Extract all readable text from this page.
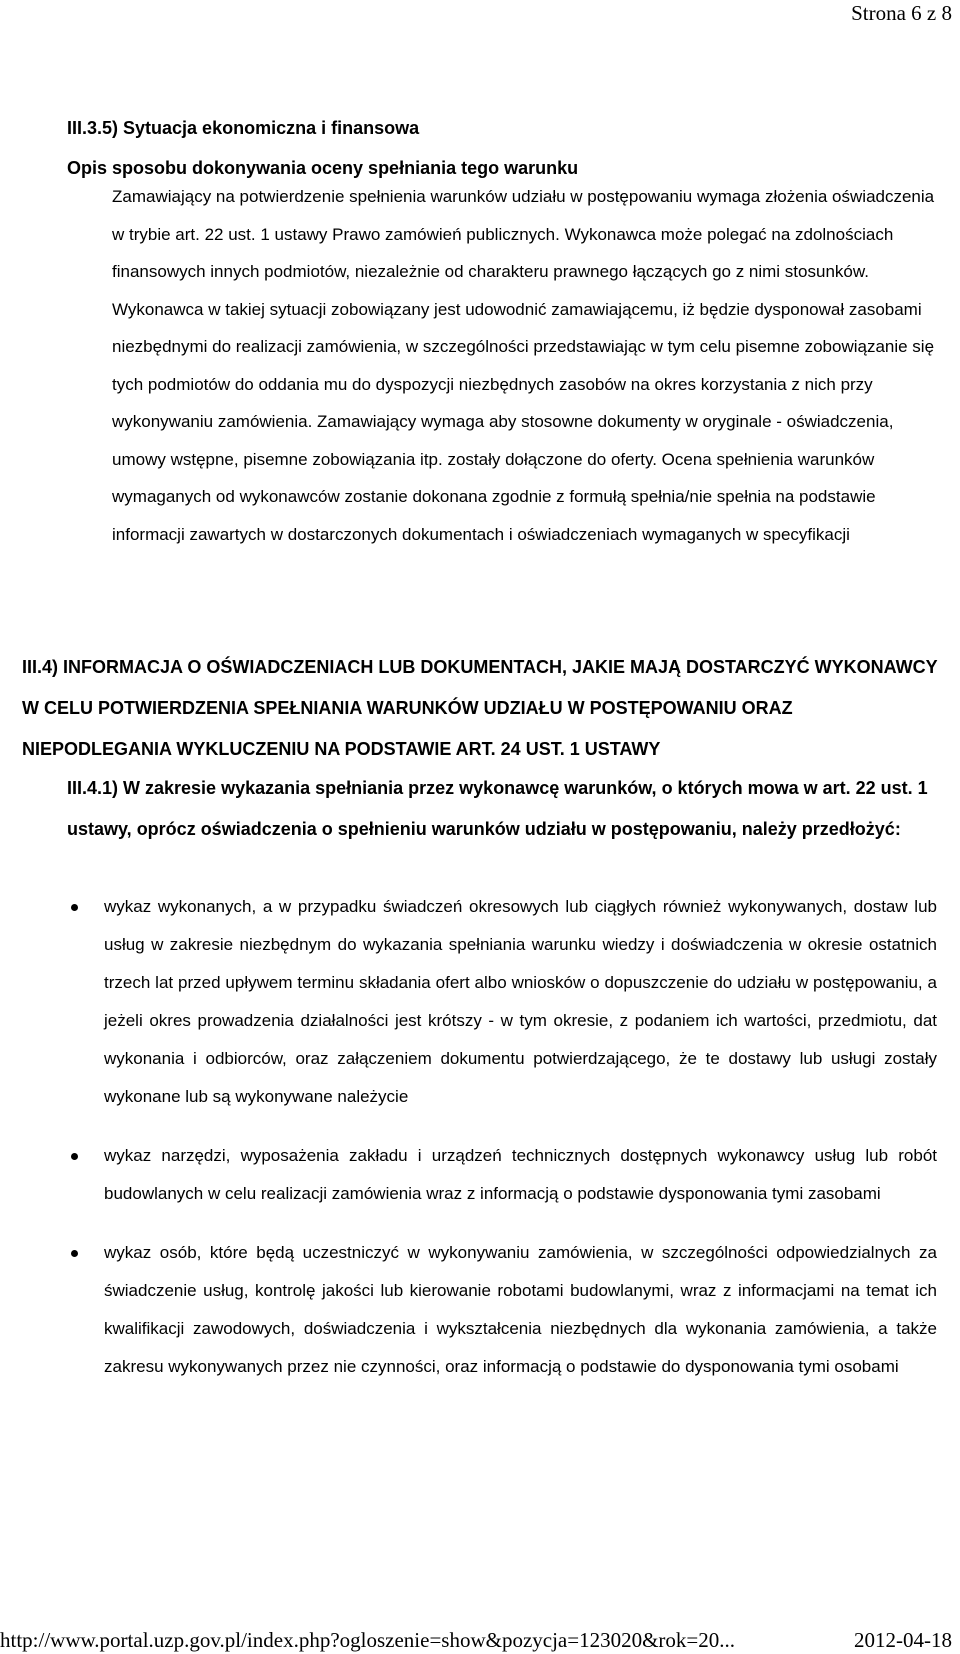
Strona 6 z 8
III.3.5) Sytuacja ekonomiczna i finansowa
Opis sposobu dokonywania oceny spełniania tego warunku
Zamawiający na potwierdzenie spełnienia warunków udziału w postępowaniu wymaga złożenia oświadczenia w trybie art. 22 ust. 1 ustawy Prawo zamówień publicznych. Wykonawca może polegać na zdolnościach finansowych innych podmiotów, niezależnie od charakteru prawnego łączących go z nimi stosunków. Wykonawca w takiej sytuacji zobowiązany jest udowodnić zamawiającemu, iż będzie dysponował zasobami niezbędnymi do realizacji zamówienia, w szczególności przedstawiając w tym celu pisemne zobowiązanie się tych podmiotów do oddania mu do dyspozycji niezbędnych zasobów na okres korzystania z nich przy wykonywaniu zamówienia. Zamawiający wymaga aby stosowne dokumenty w oryginale - oświadczenia, umowy wstępne, pisemne zobowiązania itp. zostały dołączone do oferty. Ocena spełnienia warunków wymaganych od wykonawców zostanie dokonana zgodnie z formułą spełnia/nie spełnia na podstawie informacji zawartych w dostarczonych dokumentach i oświadczeniach wymaganych w specyfikacji
III.4) INFORMACJA O OŚWIADCZENIACH LUB DOKUMENTACH, JAKIE MAJĄ DOSTARCZYĆ WYKONAWCY W CELU POTWIERDZENIA SPEŁNIANIA WARUNKÓW UDZIAŁU W POSTĘPOWANIU ORAZ NIEPODLEGANIA WYKLUCZENIU NA PODSTAWIE ART. 24 UST. 1 USTAWY
III.4.1) W zakresie wykazania spełniania przez wykonawcę warunków, o których mowa w art. 22 ust. 1 ustawy, oprócz oświadczenia o spełnieniu warunków udziału w postępowaniu, należy przedłożyć:
wykaz wykonanych, a w przypadku świadczeń okresowych lub ciągłych również wykonywanych, dostaw lub usług w zakresie niezbędnym do wykazania spełniania warunku wiedzy i doświadczenia w okresie ostatnich trzech lat przed upływem terminu składania ofert albo wniosków o dopuszczenie do udziału w postępowaniu, a jeżeli okres prowadzenia działalności jest krótszy - w tym okresie, z podaniem ich wartości, przedmiotu, dat wykonania i odbiorców, oraz załączeniem dokumentu potwierdzającego, że te dostawy lub usługi zostały wykonane lub są wykonywane należycie
wykaz narzędzi, wyposażenia zakładu i urządzeń technicznych dostępnych wykonawcy usług lub robót budowlanych w celu realizacji zamówienia wraz z informacją o podstawie dysponowania tymi zasobami
wykaz osób, które będą uczestniczyć w wykonywaniu zamówienia, w szczególności odpowiedzialnych za świadczenie usług, kontrolę jakości lub kierowanie robotami budowlanymi, wraz z informacjami na temat ich kwalifikacji zawodowych, doświadczenia i wykształcenia niezbędnych dla wykonania zamówienia, a także zakresu wykonywanych przez nie czynności, oraz informacją o podstawie do dysponowania tymi osobami
http://www.portal.uzp.gov.pl/index.php?ogloszenie=show&pozycja=123020&rok=20...	2012-04-18
